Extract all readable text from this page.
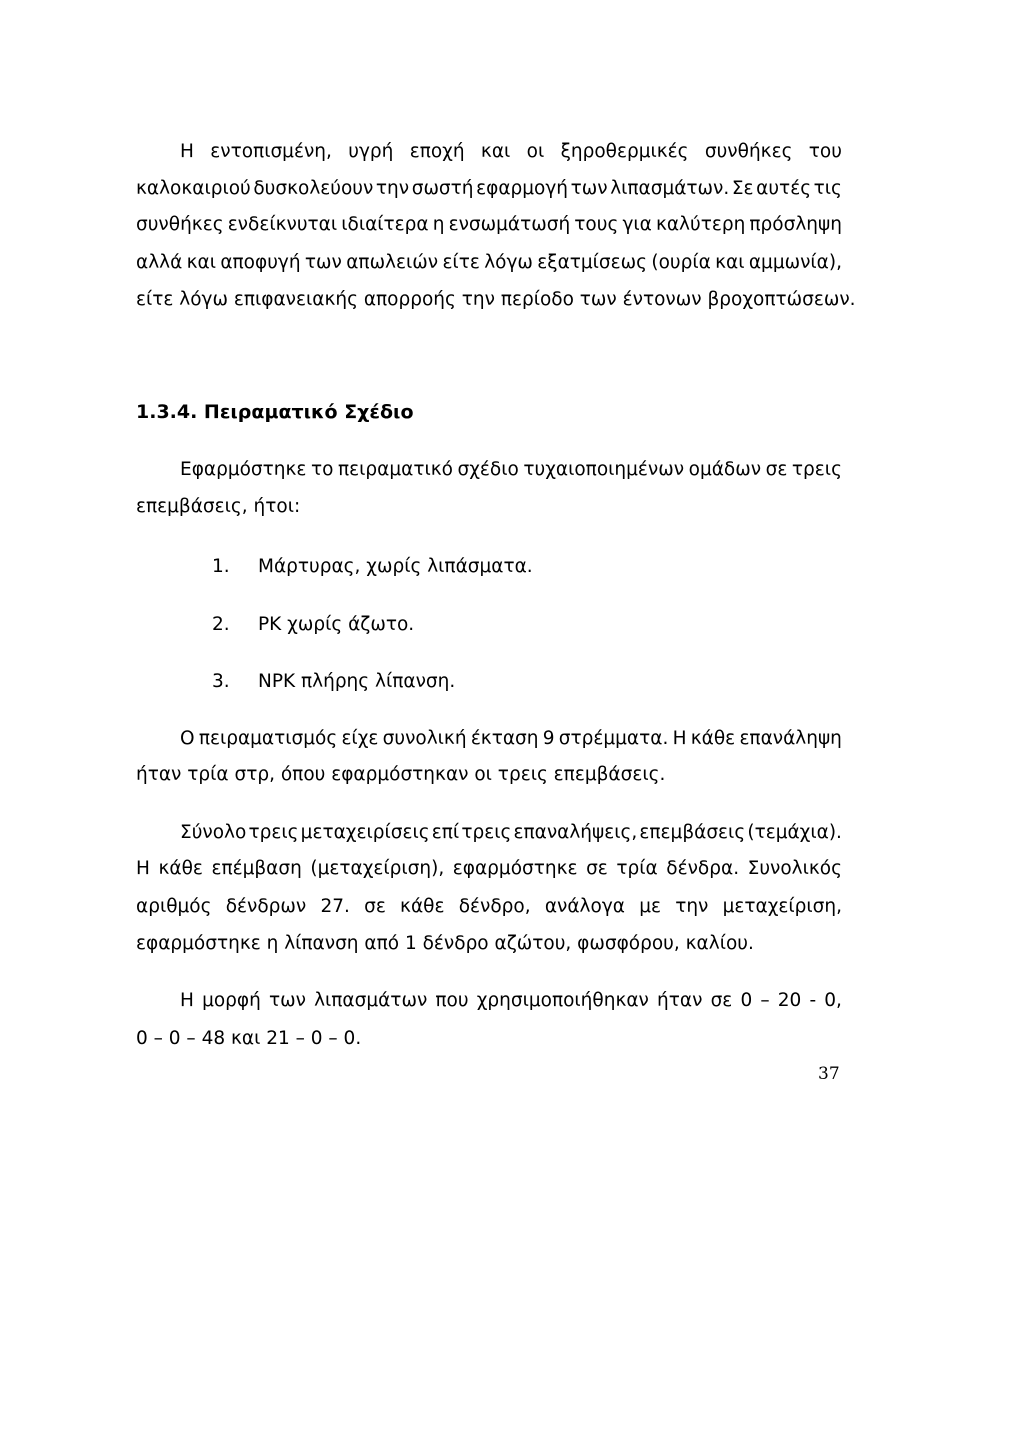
Η εντοπισμένη, υγρή εποχή και οι ξηροθερμικές συνθήκες του
καλοκαιριού δυσκολεύουν την σωστή εφαρμογή των λιπασμάτων. Σε αυτές τις
συνθήκες ενδείκνυται ιδιαίτερα η ενσωμάτωσή τους για καλύτερη πρόσληψη
αλλά και αποφυγή των απωλειών είτε λόγω εξατμίσεως (ουρία και αμμωνία),
είτε λόγω επιφανειακής απορροής την περίοδο των έντονων βροχοπτώσεων.
1.3.4. Πειραματικό Σχέδιο
Εφαρμόστηκε το πειραματικό σχέδιο τυχαιοποιημένων ομάδων σε τρεις
επεμβάσεις, ήτοι:
1. Μάρτυρας, χωρίς λιπάσματα.
2. PK χωρίς άζωτο.
3. NPK πλήρης λίπανση.
Ο πειραματισμός είχε συνολική έκταση 9 στρέμματα. Η κάθε επανάληψη
ήταν τρία στρ, όπου εφαρμόστηκαν οι τρεις επεμβάσεις.
Σύνολο τρεις μεταχειρίσεις επί τρεις επαναλήψεις, επεμβάσεις (τεμάχια).
Η κάθε επέμβαση (μεταχείριση), εφαρμόστηκε σε τρία δένδρα. Συνολικός
αριθμός δένδρων 27. σε κάθε δένδρο, ανάλογα με την μεταχείριση,
εφαρμόστηκε η λίπανση από 1 δένδρο αζώτου, φωσφόρου, καλίου.
Η μορφή των λιπασμάτων που χρησιμοποιήθηκαν ήταν σε 0 – 20 - 0,
0 – 0 – 48 και 21 – 0 – 0.
37
